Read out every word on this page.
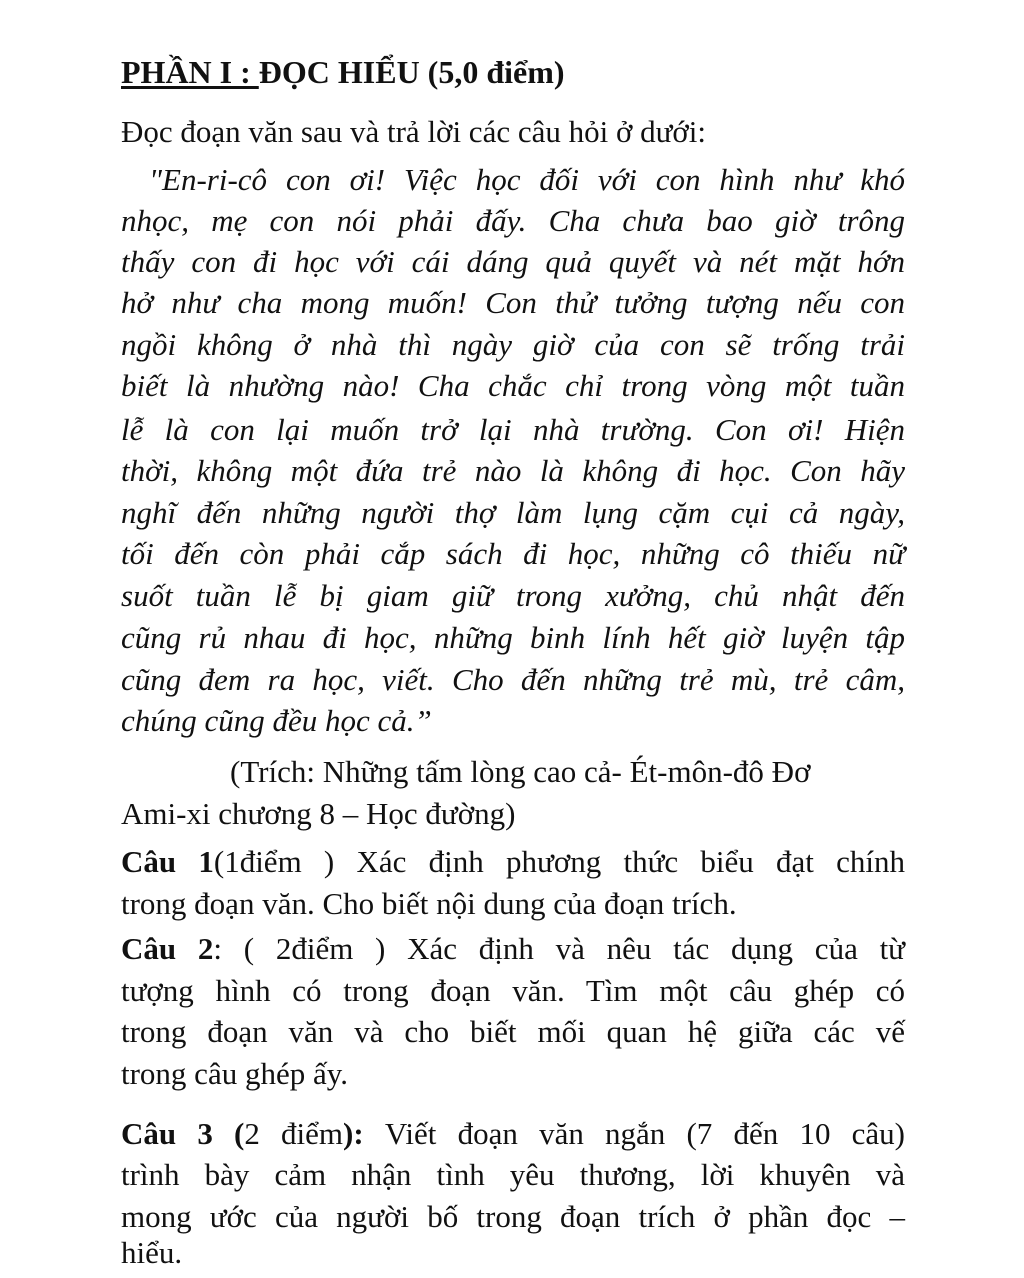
PHẦN I : ĐỌC HIỂU (5,0 điểm)
Đọc đoạn văn sau và trả lời các câu hỏi ở dưới:
"En-ri-cô con ơi! Việc học đối với con hình như khó
nhọc, mẹ con nói phải đấy. Cha chưa bao giờ trông
thấy con đi học với cái dáng quả quyết và nét mặt hớn
hở như cha mong muốn! Con thử tưởng tượng nếu con
ngồi không ở nhà thì ngày giờ của con sẽ trống trải
biết là nhường nào! Cha chắc chỉ trong vòng một tuần
lễ là con lại muốn trở lại nhà trường. Con ơi! Hiện
thời, không một đứa trẻ nào là không đi học. Con hãy
nghĩ đến những người thợ làm lụng cặm cụi cả ngày,
tối đến còn phải cắp sách đi học, những cô thiếu nữ
suốt tuần lễ bị giam giữ trong xưởng, chủ nhật đến
cũng rủ nhau đi học, những binh lính hết giờ luyện tập
cũng đem ra học, viết. Cho đến những trẻ mù, trẻ câm,
chúng cũng đều học cả.”
(Trích: Những tấm lòng cao cả- Ét-môn-đô Đơ
Ami-xi chương 8 – Học đường)
Câu 1(1điểm ) Xác định phương thức biểu đạt chính
trong đoạn văn. Cho biết nội dung của đoạn trích.
Câu 2: ( 2điểm ) Xác định và nêu tác dụng của từ
tượng hình có trong đoạn văn. Tìm một câu ghép có
trong đoạn văn và cho biết mối quan hệ giữa các vế
trong câu ghép ấy.
Câu 3 (2 điểm): Viết đoạn văn ngắn (7 đến 10 câu)
trình bày cảm nhận tình yêu thương, lời khuyên và
mong ước của người bố trong đoạn trích ở phần đọc –
hiểu.
